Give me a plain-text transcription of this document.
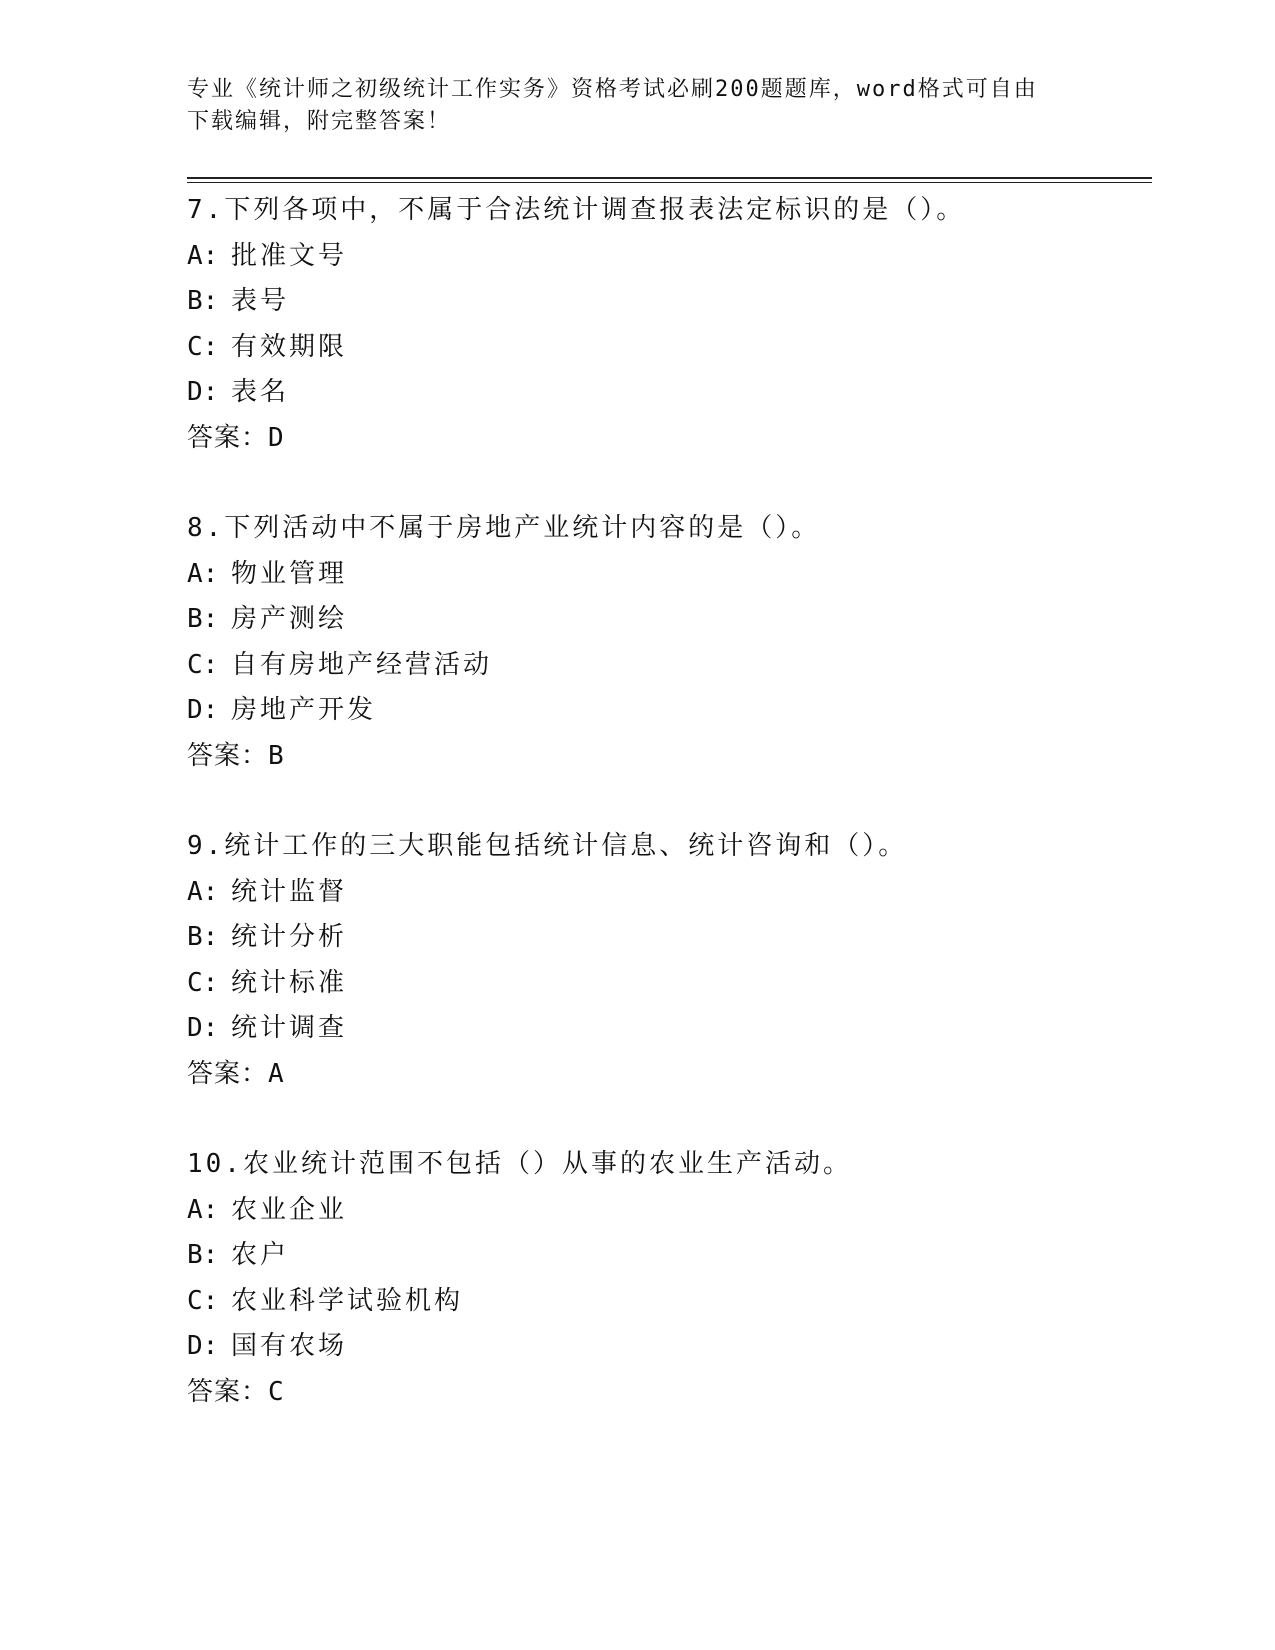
专业《统计师之初级统计工作实务》资格考试必刷200题题库，word格式可自由
下载编辑，附完整答案！
7.下列各项中，不属于合法统计调查报表法定标识的是（）。
A: 批准文号
B: 表号
C: 有效期限
D: 表名
答案：D
8.下列活动中不属于房地产业统计内容的是（）。
A: 物业管理
B: 房产测绘
C: 自有房地产经营活动
D: 房地产开发
答案：B
9.统计工作的三大职能包括统计信息、统计咨询和（）。
A: 统计监督
B: 统计分析
C: 统计标准
D: 统计调查
答案：A
10.农业统计范围不包括（）从事的农业生产活动。
A: 农业企业
B: 农户
C: 农业科学试验机构
D: 国有农场
答案：C
